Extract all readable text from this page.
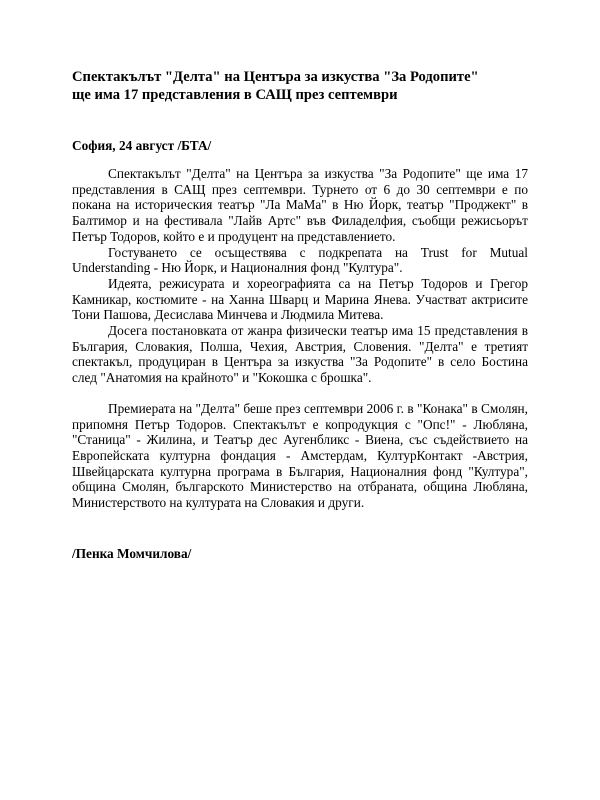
Спектакълът "Делта" на Центъра за изкуства "За Родопите"
ще има 17 представления в САЩ през септември

София, 24 август /БТА/

Спектакълът "Делта" на Центъра за изкуства "За Родопите" ще има 17 представления в САЩ през септември. Турнето от 6 до 30 септември е по покана на историческия театър "Ла МаМа" в Ню Йорк, театър "Проджект" в Балтимор и на фестивала "Лайв Артс" във Филаделфия, съобщи режисьорът Петър Тодоров, който е и продуцент на представлението.

Гостуването се осъществява с подкрепата на Trust for Mutual Understanding - Ню Йорк, и Националния фонд "Култура".

Идеята, режисурата и хореографията са на Петър Тодоров и Грегор Камникар, костюмите - на Ханна Шварц и Марина Янева. Участват актрисите Тони Пашова, Десислава Минчева и Людмила Митева.

Досега постановката от жанра физически театър има 15 представления в България, Словакия, Полша, Чехия, Австрия, Словения. "Делта" е третият спектакъл, продуциран в Центъра за изкуства "За Родопите" в село Бостина след "Анатомия на крайното" и "Кокошка с брошка".

Премиерата на "Делта" беше през септември 2006 г. в "Конака" в Смолян, припомня Петър Тодоров. Спектакълът е копродукция с "Опс!" - Любляна, "Станица" - Жилина, и Театър дес Аугенбликс - Виена, със съдействието на Европейската културна фондация - Амстердам, КултурКонтакт -Австрия, Швейцарската културна програма в България, Националния фонд "Култура", община Смолян, българското Министерство на отбраната, община Любляна, Министерството на културата на Словакия и други.

/Пенка Момчилова/
